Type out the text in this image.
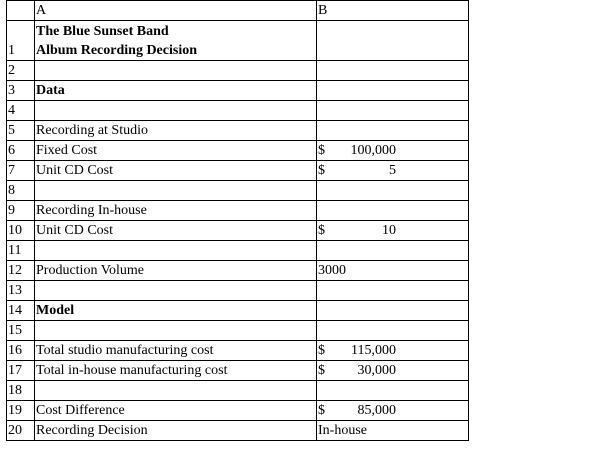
	A	B
1	The Blue Sunset Band
Album Recording Decision	

2		
3	Data	
4		
5	Recording at Studio	
6	Fixed Cost	$ 100,000

7	Unit CD Cost	$ 5

8		
9	Recording In-house	
10	Unit CD Cost	$ 10

11		
12	Production Volume	3000
13		
14	Model	
15		
16	Total studio manufacturing cost	$ 115,000

17	Total in-house manufacturing cost	$ 30,000

18		
19	Cost Difference	$ 85,000

20	Recording Decision	In-house
